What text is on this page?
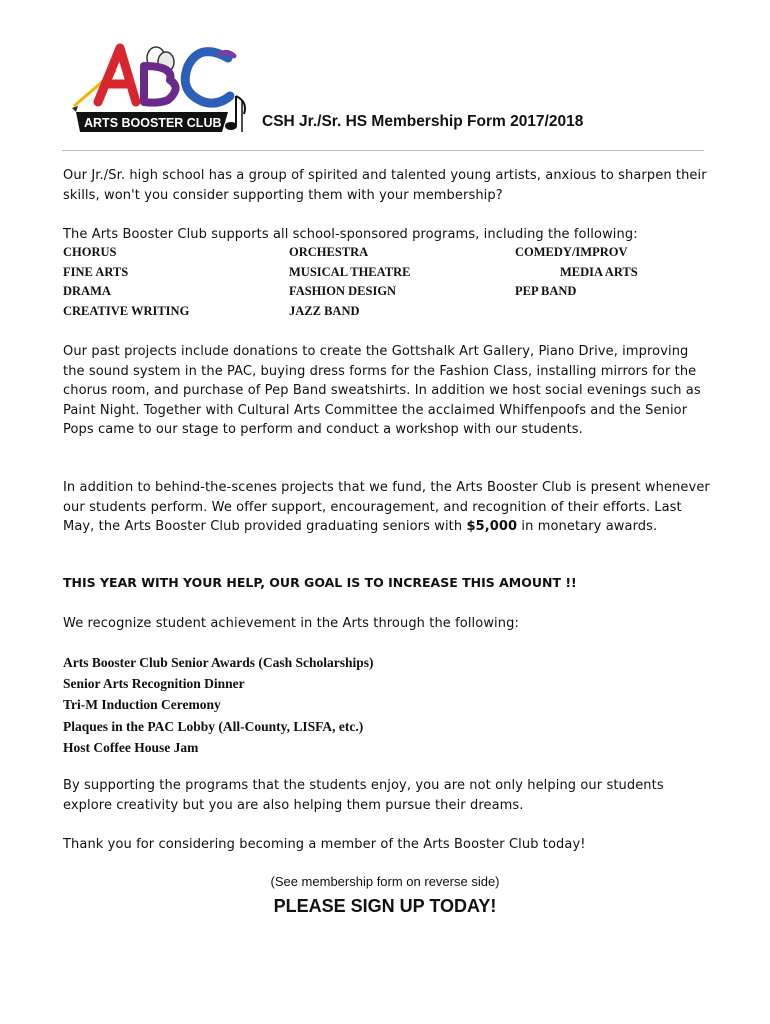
ARTS BOOSTER CLUB	CSH Jr./Sr. HS Membership Form 2017/2018

Our Jr./Sr. high school has a group of spirited and talented young artists, anxious to sharpen their skills, won't you consider supporting them with your membership?

The Arts Booster Club supports all school-sponsored programs, including the following:

CHORUS	ORCHESTRA	COMEDY/IMPROV
FINE ARTS	MUSICAL THEATRE	MEDIA ARTS
DRAMA	FASHION DESIGN	PEP BAND
CREATIVE WRITING	JAZZ BAND

Our past projects include donations to create the Gottshalk Art Gallery, Piano Drive, improving the sound system in the PAC, buying dress forms for the Fashion Class, installing mirrors for the chorus room, and purchase of Pep Band sweatshirts. In addition we host social evenings such as Paint Night. Together with Cultural Arts Committee the acclaimed Whiffenpoofs and the Senior Pops came to our stage to perform and conduct a workshop with our students.

In addition to behind-the-scenes projects that we fund, the Arts Booster Club is present whenever our students perform. We offer support, encouragement, and recognition of their efforts. Last May, the Arts Booster Club provided graduating seniors with $5,000 in monetary awards.

THIS YEAR WITH YOUR HELP, OUR GOAL IS TO INCREASE THIS AMOUNT !!

We recognize student achievement in the Arts through the following:

Arts Booster Club Senior Awards (Cash Scholarships)
Senior Arts Recognition Dinner
Tri-M Induction Ceremony
Plaques in the PAC Lobby (All-County, LISFA, etc.)
Host Coffee House Jam

By supporting the programs that the students enjoy, you are not only helping our students explore creativity but you are also helping them pursue their dreams.

Thank you for considering becoming a member of the Arts Booster Club today!

(See membership form on reverse side)
PLEASE SIGN UP TODAY!
